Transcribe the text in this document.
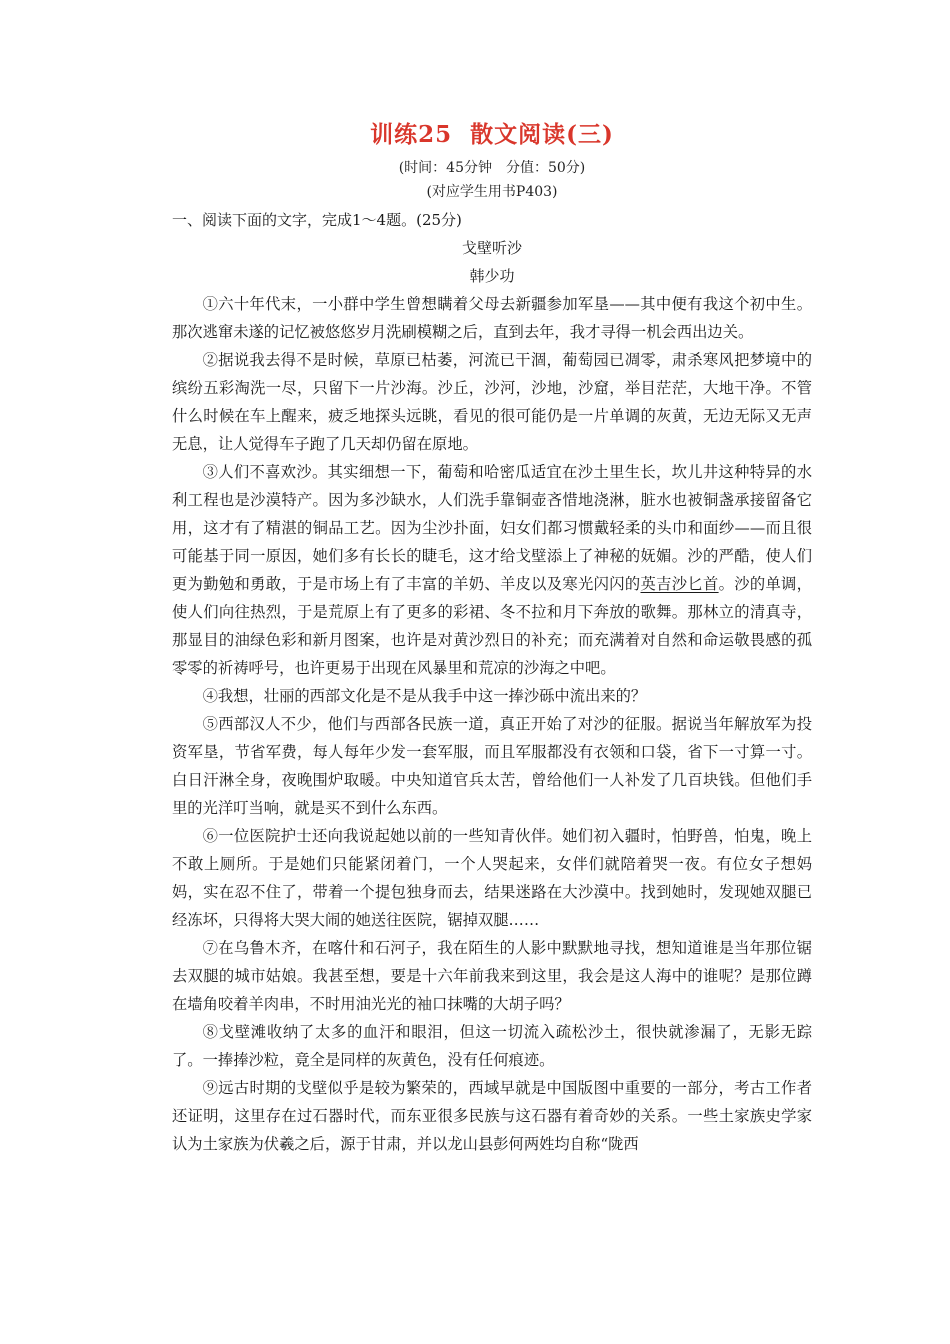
训练25 散文阅读(三)
(时间：45分钟　分值：50分)
(对应学生用书P403)
一、阅读下面的文字，完成1～4题。(25分)
戈壁听沙
韩少功

①六十年代末，一小群中学生曾想瞒着父母去新疆参加军垦——其中便有我这个初中生。那次逃窜未遂的记忆被悠悠岁月洗刷模糊之后，直到去年，我才寻得一机会西出边关。

②据说我去得不是时候，草原已枯萎，河流已干涸，葡萄园已凋零，肃杀寒风把梦境中的缤纷五彩淘洗一尽，只留下一片沙海。沙丘，沙河，沙地，沙窟，举目茫茫，大地干净。不管什么时候在车上醒来，疲乏地探头远眺，看见的很可能仍是一片单调的灰黄，无边无际又无声无息，让人觉得车子跑了几天却仍留在原地。

③人们不喜欢沙。其实细想一下，葡萄和哈密瓜适宜在沙土里生长，坎儿井这种特异的水利工程也是沙漠特产。因为多沙缺水，人们洗手靠铜壶吝惜地浇淋，脏水也被铜盏承接留备它用，这才有了精湛的铜品工艺。因为尘沙扑面，妇女们都习惯戴轻柔的头巾和面纱——而且很可能基于同一原因，她们多有长长的睫毛，这才给戈壁添上了神秘的妩媚。沙的严酷，使人们更为勤勉和勇敢，于是市场上有了丰富的羊奶、羊皮以及寒光闪闪的英吉沙匕首。沙的单调，使人们向往热烈，于是荒原上有了更多的彩裙、冬不拉和月下奔放的歌舞。那林立的清真寺，那显目的油绿色彩和新月图案，也许是对黄沙烈日的补充；而充满着对自然和命运敬畏感的孤零零的祈祷呼号，也许更易于出现在风暴里和荒凉的沙海之中吧。

④我想，壮丽的西部文化是不是从我手中这一捧沙砾中流出来的？

⑤西部汉人不少，他们与西部各民族一道，真正开始了对沙的征服。据说当年解放军为投资军垦，节省军费，每人每年少发一套军服，而且军服都没有衣领和口袋，省下一寸算一寸。白日汗淋全身，夜晚围炉取暖。中央知道官兵太苦，曾给他们一人补发了几百块钱。但他们手里的光洋叮当响，就是买不到什么东西。

⑥一位医院护士还向我说起她以前的一些知青伙伴。她们初入疆时，怕野兽，怕鬼，晚上不敢上厕所。于是她们只能紧闭着门，一个人哭起来，女伴们就陪着哭一夜。有位女子想妈妈，实在忍不住了，带着一个提包独身而去，结果迷路在大沙漠中。找到她时，发现她双腿已经冻坏，只得将大哭大闹的她送往医院，锯掉双腿……

⑦在乌鲁木齐，在喀什和石河子，我在陌生的人影中默默地寻找，想知道谁是当年那位锯去双腿的城市姑娘。我甚至想，要是十六年前我来到这里，我会是这人海中的谁呢？是那位蹲在墙角咬着羊肉串，不时用油光光的袖口抹嘴的大胡子吗？

⑧戈壁滩收纳了太多的血汗和眼泪，但这一切流入疏松沙土，很快就渗漏了，无影无踪了。一捧捧沙粒，竟全是同样的灰黄色，没有任何痕迹。

⑨远古时期的戈壁似乎是较为繁荣的，西域早就是中国版图中重要的一部分，考古工作者还证明，这里存在过石器时代，而东亚很多民族与这石器有着奇妙的关系。一些土家族史学家认为土家族为伏羲之后，源于甘肃，并以龙山县彭何两姓均自称“陇西
